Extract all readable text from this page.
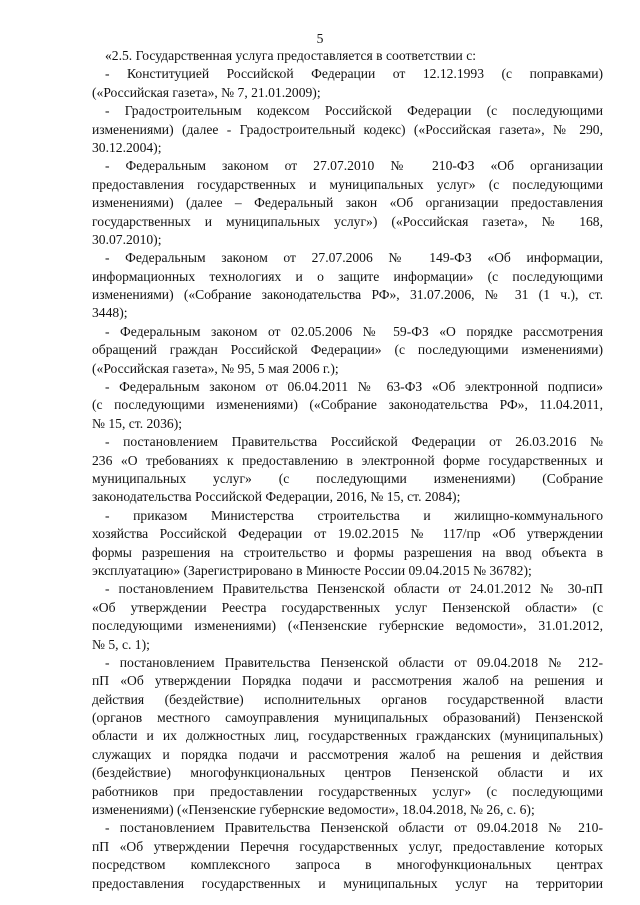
5
«2.5. Государственная услуга предоставляется в соответствии с:
- Конституцией Российской Федерации от 12.12.1993 (с поправками)
(«Российская газета», № 7, 21.01.2009);
- Градостроительным кодексом Российской Федерации (с последующими
изменениями) (далее - Градостроительный кодекс) («Российская газета», № 290,
30.12.2004);
- Федеральным законом от 27.07.2010 № 210-ФЗ «Об организации
предоставления государственных и муниципальных услуг» (с последующими
изменениями) (далее – Федеральный закон «Об организации предоставления
государственных и муниципальных услуг») («Российская газета», № 168,
30.07.2010);
- Федеральным законом от 27.07.2006 № 149-ФЗ «Об информации,
информационных технологиях и о защите информации» (с последующими
изменениями) («Собрание законодательства РФ», 31.07.2006, № 31 (1 ч.), ст.
3448);
- Федеральным законом от 02.05.2006 № 59-ФЗ «О порядке рассмотрения
обращений граждан Российской Федерации» (с последующими изменениями)
(«Российская газета», № 95, 5 мая 2006 г.);
- Федеральным законом от 06.04.2011 № 63-ФЗ «Об электронной подписи»
(с последующими изменениями) («Собрание законодательства РФ», 11.04.2011,
№ 15, ст. 2036);
- постановлением Правительства Российской Федерации от 26.03.2016 №
236 «О требованиях к предоставлению в электронной форме государственных и
муниципальных услуг» (с последующими изменениями) (Собрание
законодательства Российской Федерации, 2016, № 15, ст. 2084);
- приказом Министерства строительства и жилищно-коммунального
хозяйства Российской Федерации от 19.02.2015 № 117/пр «Об утверждении
формы разрешения на строительство и формы разрешения на ввод объекта в
эксплуатацию» (Зарегистрировано в Минюсте России 09.04.2015 № 36782);
- постановлением Правительства Пензенской области от 24.01.2012 № 30-пП
«Об утверждении Реестра государственных услуг Пензенской области» (с
последующими изменениями) («Пензенские губернские ведомости», 31.01.2012,
№ 5, с. 1);
- постановлением Правительства Пензенской области от 09.04.2018 № 212-
пП «Об утверждении Порядка подачи и рассмотрения жалоб на решения и
действия (бездействие) исполнительных органов государственной власти
(органов местного самоуправления муниципальных образований) Пензенской
области и их должностных лиц, государственных гражданских (муниципальных)
служащих и порядка подачи и рассмотрения жалоб на решения и действия
(бездействие) многофункциональных центров Пензенской области и их
работников при предоставлении государственных услуг» (с последующими
изменениями) («Пензенские губернские ведомости», 18.04.2018, № 26, с. 6);
- постановлением Правительства Пензенской области от 09.04.2018 № 210-
пП «Об утверждении Перечня государственных услуг, предоставление которых
посредством комплексного запроса в многофункциональных центрах
предоставления государственных и муниципальных услуг на территории
